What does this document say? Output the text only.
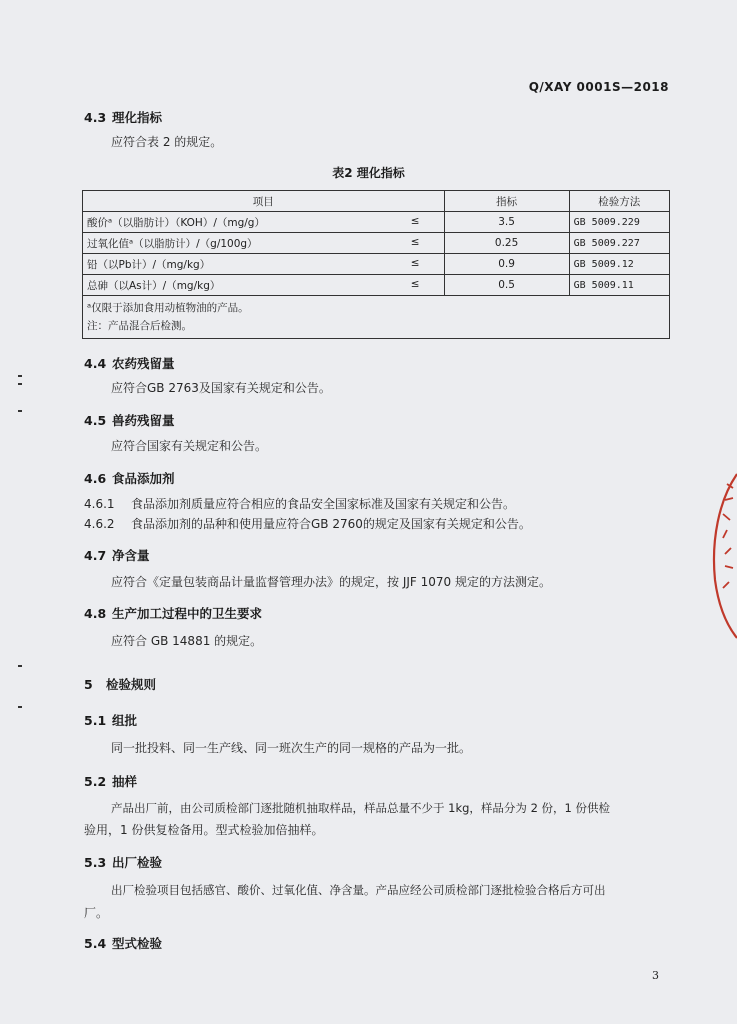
Q/XAY 0001S—2018
4.3 理化指标
应符合表 2 的规定。
表2 理化指标
项目	指标	检验方法

酸价ᵃ（以脂肪计）（KOH）/（mg/g） ≤	3.5	GB 5009.229

过氧化值ᵃ（以脂肪计）/（g/100g） ≤	0.25	GB 5009.227

铅（以Pb计）/（mg/kg） ≤	0.9	GB 5009.12

总砷（以As计）/（mg/kg） ≤	0.5	GB 5009.11

ᵃ仅限于添加食用动植物油的产品。
注：产品混合后检测。		
4.4 农药残留量
应符合GB 2763及国家有关规定和公告。
4.5 兽药残留量
应符合国家有关规定和公告。
4.6 食品添加剂
4.6.1 食品添加剂质量应符合相应的食品安全国家标准及国家有关规定和公告。
4.6.2 食品添加剂的品种和使用量应符合GB 2760的规定及国家有关规定和公告。
4.7 净含量
应符合《定量包装商品计量监督管理办法》的规定，按 JJF 1070 规定的方法测定。
4.8 生产加工过程中的卫生要求
应符合 GB 14881 的规定。
5 检验规则
5.1 组批
同一批投料、同一生产线、同一班次生产的同一规格的产品为一批。
5.2 抽样
产品出厂前，由公司质检部门逐批随机抽取样品，样品总量不少于 1kg，样品分为 2 份，1 份供检
验用，1 份供复检备用。型式检验加倍抽样。
5.3 出厂检验
出厂检验项目包括感官、酸价、过氧化值、净含量。产品应经公司质检部门逐批检验合格后方可出
厂。
5.4 型式检验
3
